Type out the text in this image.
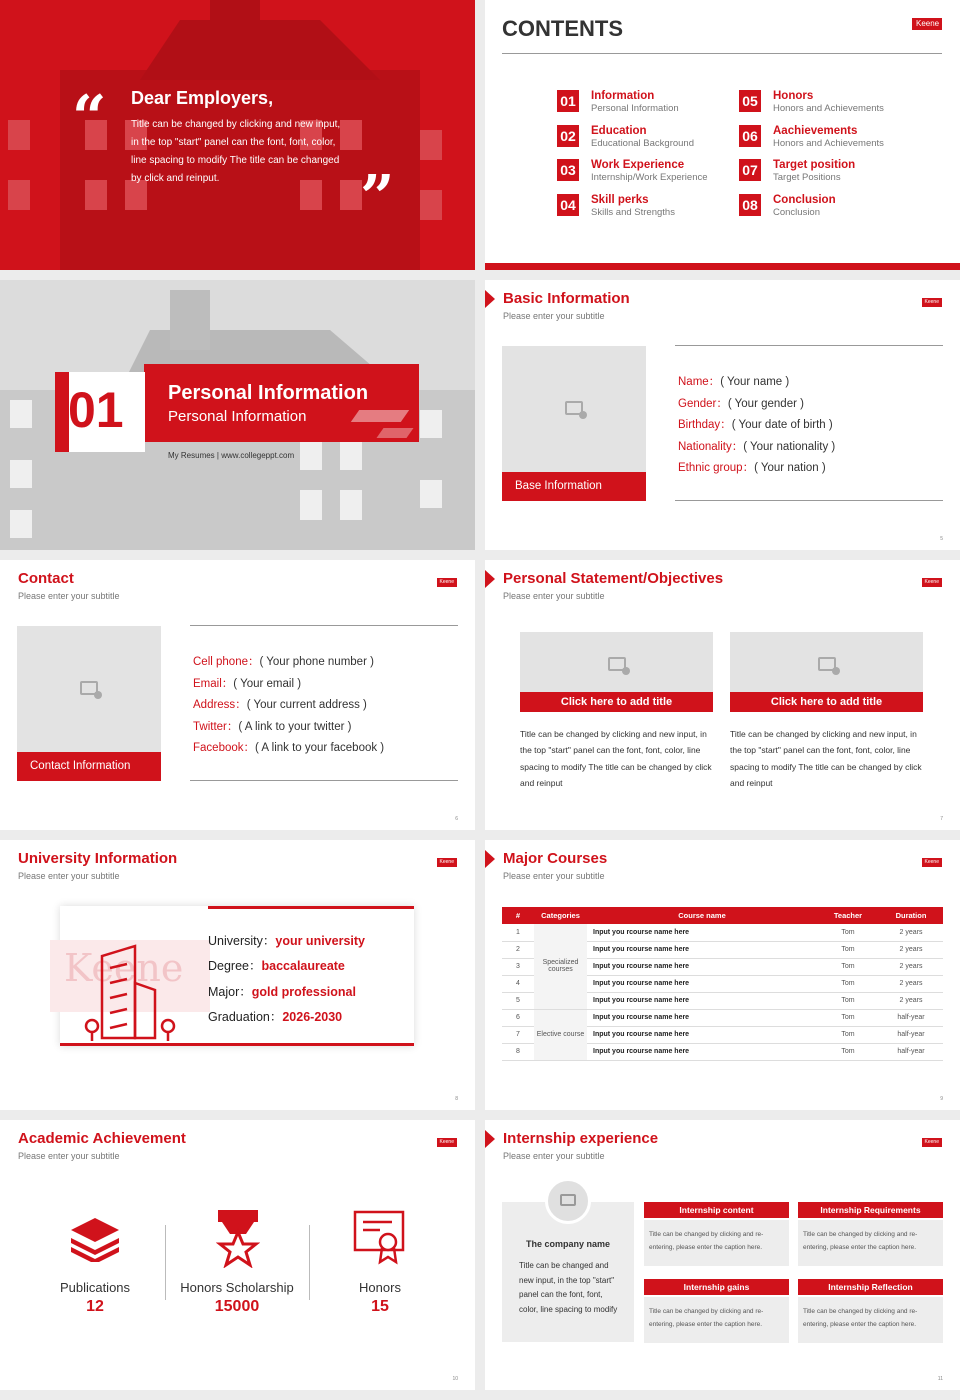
“ Dear Employers,
Title can be changed by clicking and new input, in the top "start" panel can the font, font, color, line spacing to modify The title can be changed by click and reinput.	”
CONTENTS	Keene
01 Information
Personal Information
02 Education
Educational Background
03 Work Experience
Internship/Work Experience
04 Skill perks
Skills and Strengths
05 Honors
Honors and Achievements
06 Aachievements
Honors and Achievements
07 Target position
Target Positions
08 Conclusion
Conclusion
01 Personal Information
Personal Information
My Resumes | www.collegeppt.com
Basic Information
Please enter your subtitle
Keene
Base Information
Name：( Your name )
Gender：( Your gender )
Birthday：( Your date of birth )
Nationality：( Your nationality )
Ethnic group：( Your nation )
5
Contact
Please enter your subtitle
Keene
Contact Information
Cell phone：( Your phone number )
Email：( Your email )
Address：( Your current address )
Twitter：( A link to your twitter )
Facebook：( A link to your facebook )
6
Personal Statement/Objectives
Please enter your subtitle
Keene
Click here to add title
Title can be changed by clicking and new input, in the top "start" panel can the font, font, color, line spacing to modify The title can be changed by click and reinput
Click here to add title
Title can be changed by clicking and new input, in the top "start" panel can the font, font, color, line spacing to modify The title can be changed by click and reinput
7
University Information
Please enter your subtitle
Keene
Keene
University：your university
Degree：baccalaureate
Major：gold professional
Graduation：2026-2030
8
Major Courses
Please enter your subtitle
Keene
#	Categories	Course name	Teacher	Duration
1	Specialized courses	Input you rcourse name here	Tom	2 years
2		Input you rcourse name here	Tom	2 years
3		Input you rcourse name here	Tom	2 years
4		Input you rcourse name here	Tom	2 years
5		Input you rcourse name here	Tom	2 years
6	Elective course	Input you rcourse name here	Tom	half-year
7		Input you rcourse name here	Tom	half-year
8		Input you rcourse name here	Tom	half-year
9
Academic Achievement
Please enter your subtitle
Keene
Publications
12
Honors Scholarship
15000
Honors
15
10
Internship experience
Please enter your subtitle
Keene
The company name
Title can be changed and new input, in the top "start" panel can the font, font, color, line spacing to modify
11
Internship content
Title can be changed by clicking and re-entering, please enter the caption here.
Internship Requirements
Title can be changed by clicking and re-entering, please enter the caption here.
Internship gains
Title can be changed by clicking and re-entering, please enter the caption here.
Internship Reflection
Title can be changed by clicking and re-entering, please enter the caption here.
